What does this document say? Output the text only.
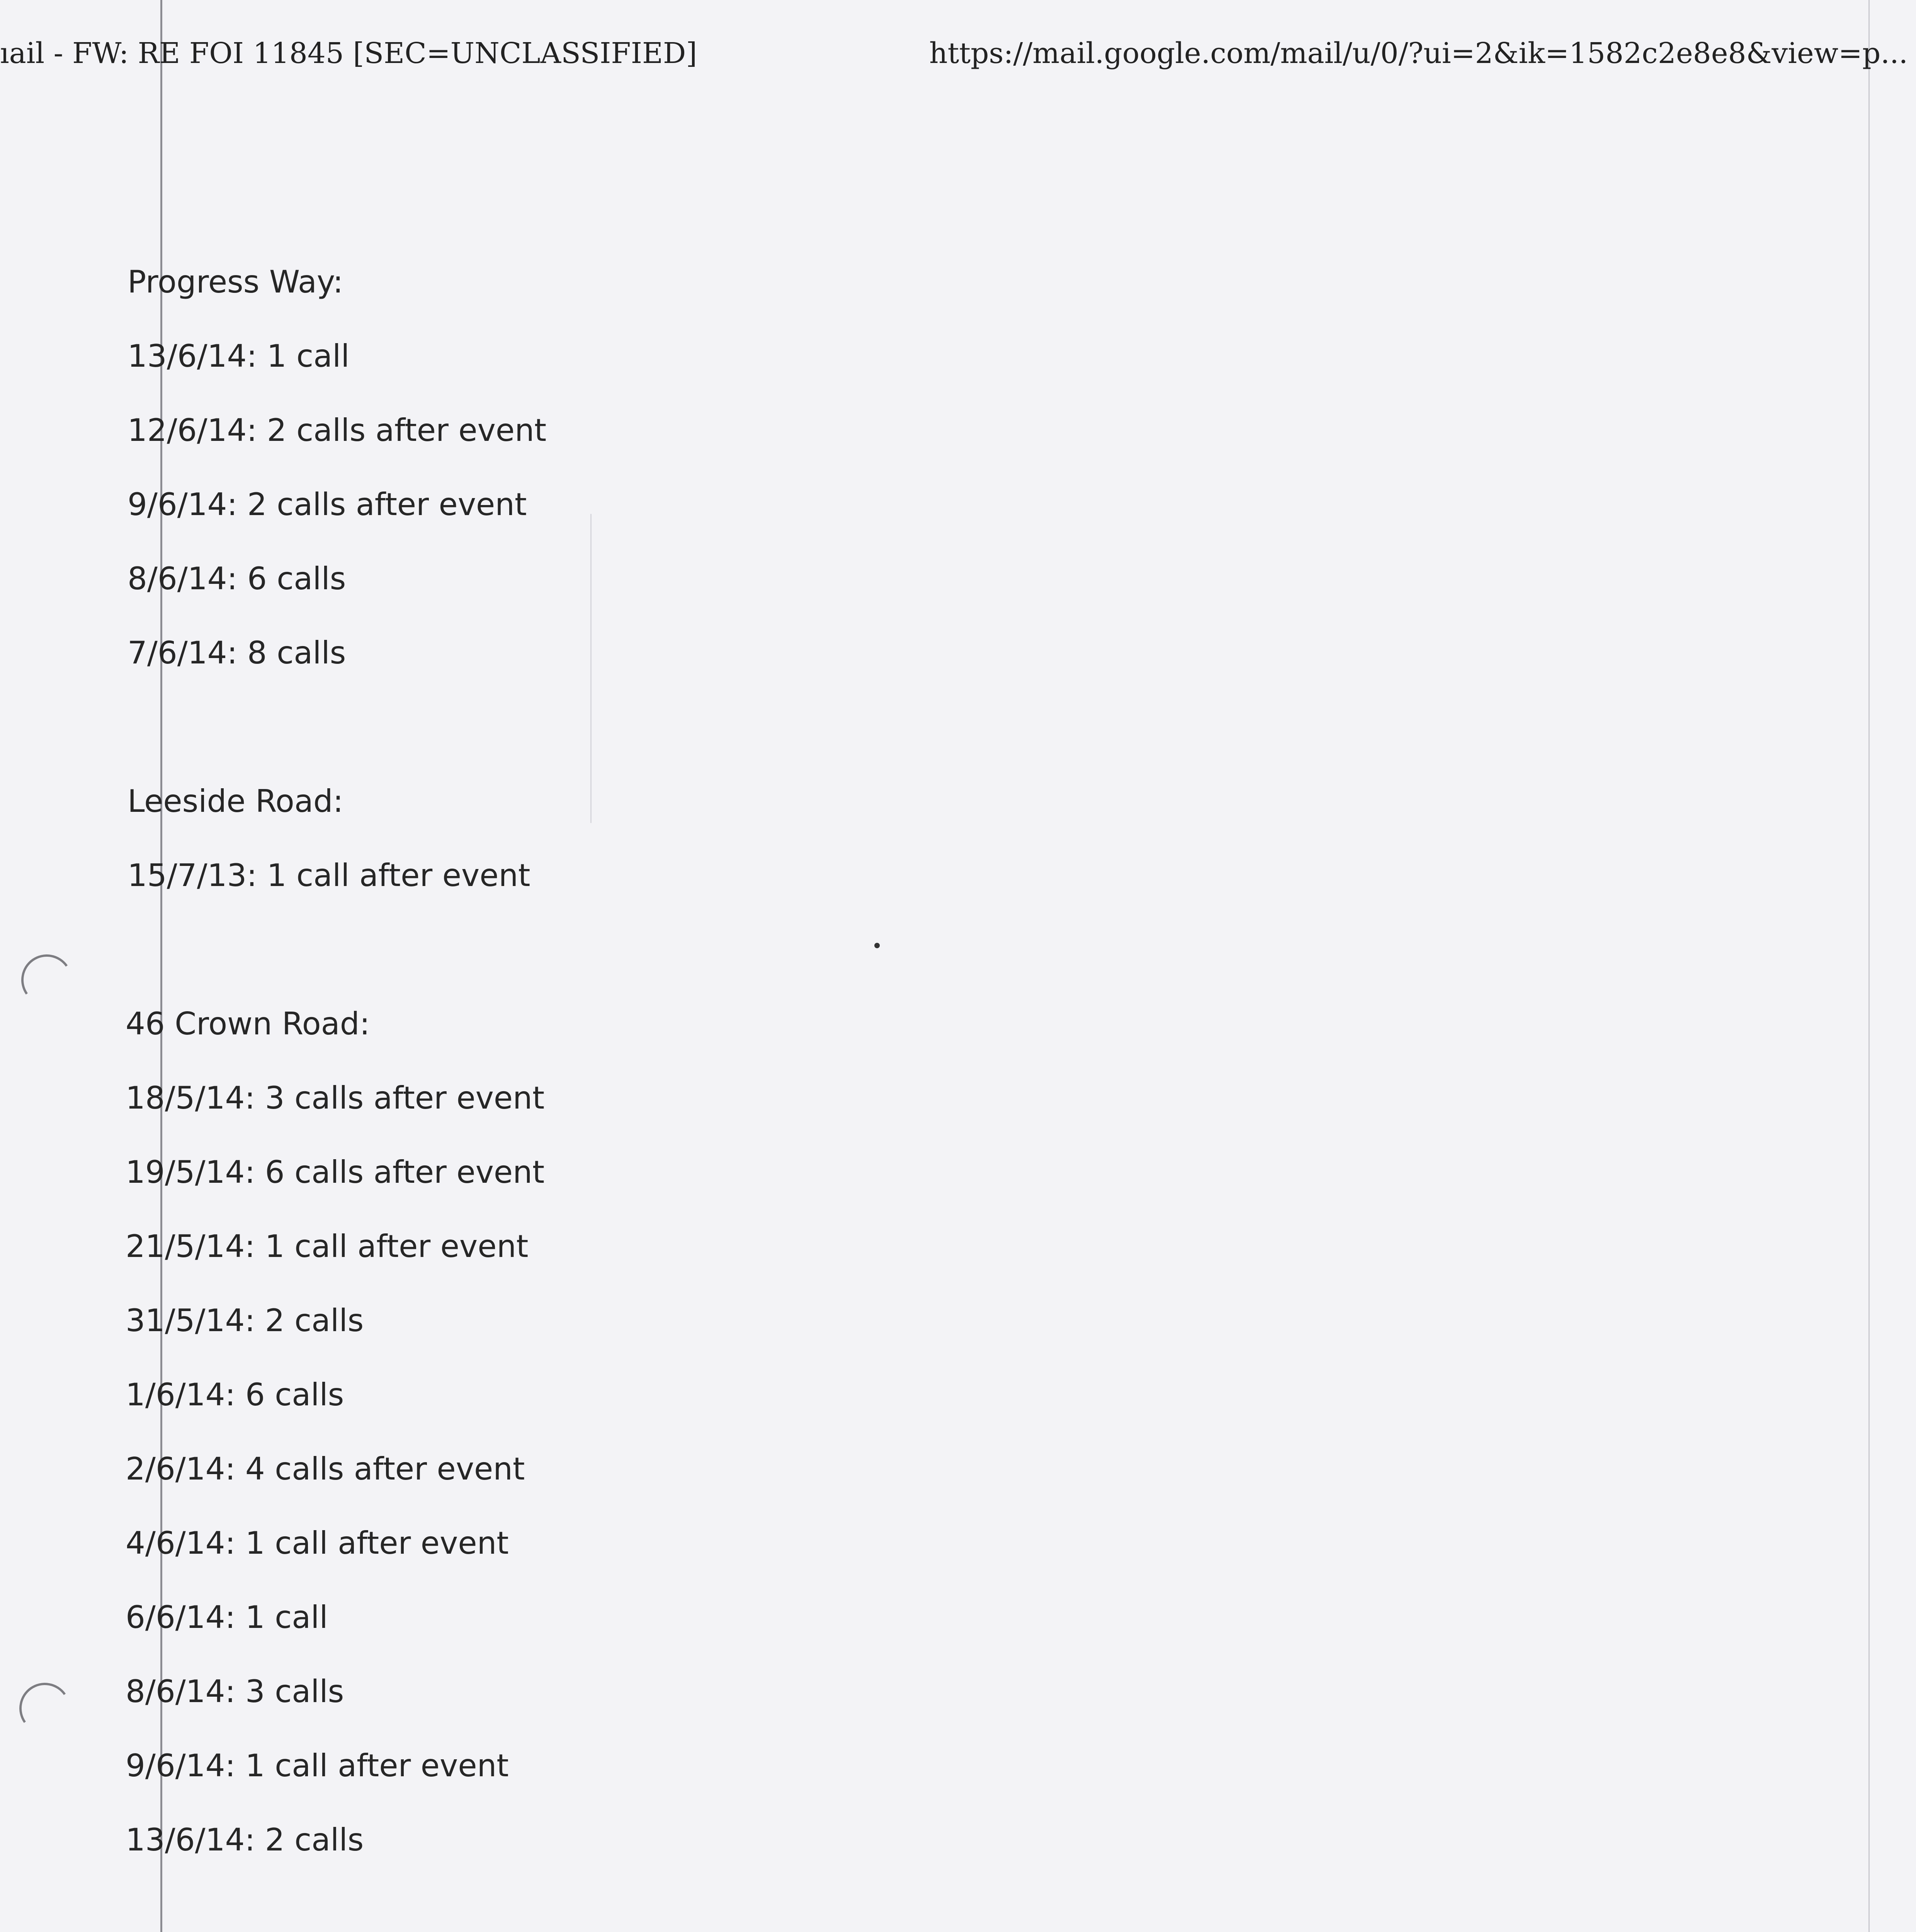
ıail - FW: RE FOI 11845 [SEC=UNCLASSIFIED]	https://mail.google.com/mail/u/0/?ui=2&ik=1582c2e8e8&view=p...
Progress Way:
13/6/14: 1 call
12/6/14: 2 calls after event
9/6/14: 2 calls after event
8/6/14: 6 calls
7/6/14: 8 calls
Leeside Road:
15/7/13: 1 call after event
46 Crown Road:
18/5/14: 3 calls after event
19/5/14: 6 calls after event
21/5/14: 1 call after event
31/5/14: 2 calls
1/6/14: 6 calls
2/6/14: 4 calls after event
4/6/14: 1 call after event
6/6/14: 1 call
8/6/14: 3 calls
9/6/14: 1 call after event
13/6/14: 2 calls
